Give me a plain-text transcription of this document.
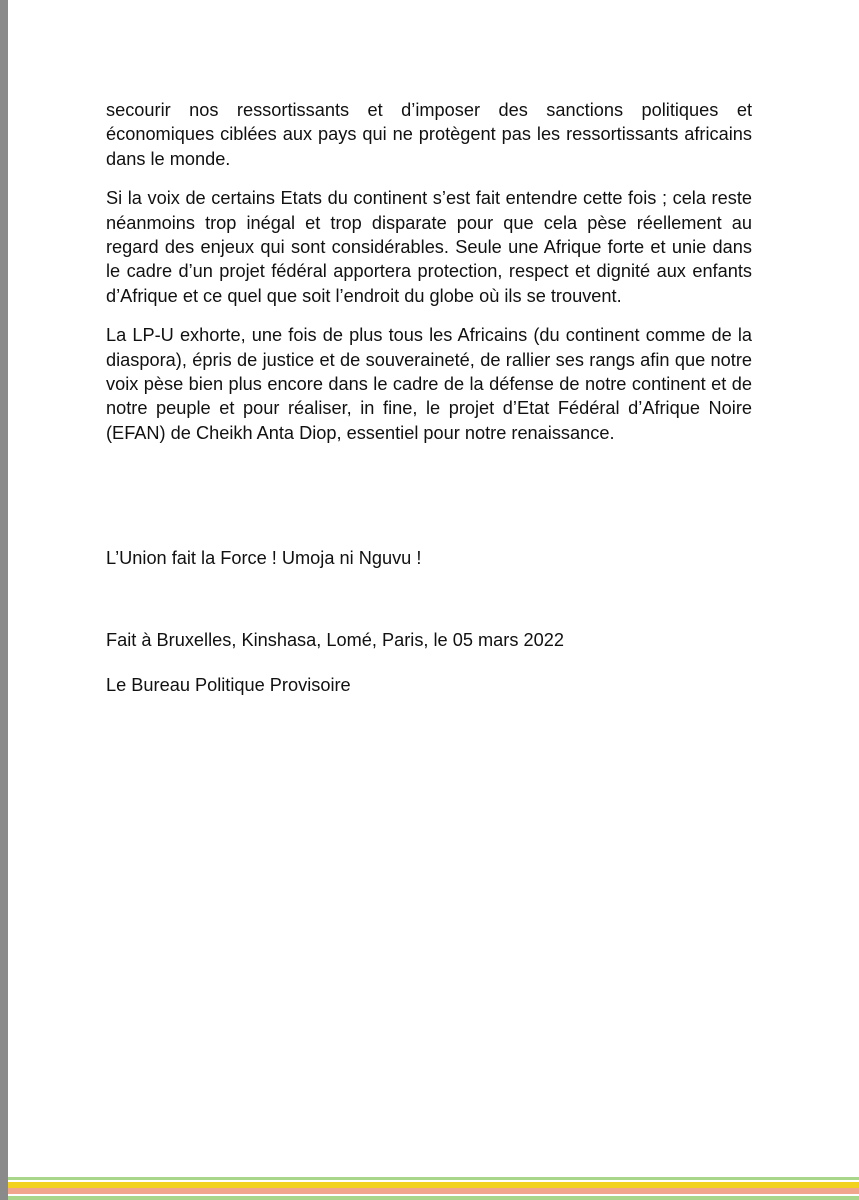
secourir nos ressortissants et d’imposer des sanctions politiques et économiques ciblées aux pays qui ne protègent pas les ressortissants africains dans le monde.

Si la voix de certains Etats du continent s’est fait entendre cette fois ; cela reste néanmoins trop inégal et trop disparate pour que cela pèse réellement au regard des enjeux qui sont considérables. Seule une Afrique forte et unie dans le cadre d’un projet fédéral apportera protection, respect et dignité aux enfants d’Afrique et ce quel que soit l’endroit du globe où ils se trouvent.

La LP-U exhorte, une fois de plus tous les Africains (du continent comme de la diaspora), épris de justice et de souveraineté, de rallier ses rangs afin que notre voix pèse bien plus encore dans le cadre de la défense de notre continent et de notre peuple et pour réaliser, in fine, le projet d’Etat Fédéral d’Afrique Noire (EFAN) de Cheikh Anta Diop, essentiel pour notre renaissance.

L’Union fait la Force ! Umoja ni Nguvu !

Fait à Bruxelles, Kinshasa, Lomé, Paris, le 05 mars 2022

Le Bureau Politique Provisoire
